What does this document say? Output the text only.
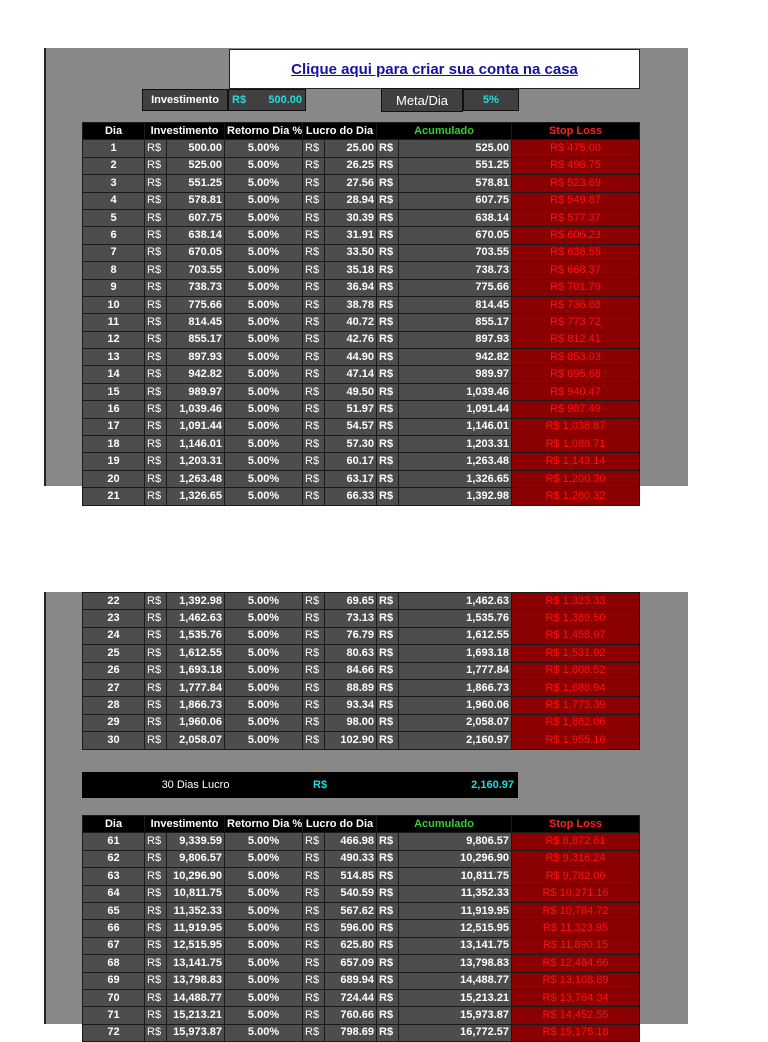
Clique aqui para criar sua conta na casa
Investimento R$ 500.00	Meta/Dia	5%
Dia	Investimento		Retorno Dia %	Lucro do Dia		Acumulado		Stop Loss
1	R$	500.00	5.00%	R$	25.00	R$	525.00	R$ 475.00
2	R$	525.00	5.00%	R$	26.25	R$	551.25	R$ 498.75
3	R$	551.25	5.00%	R$	27.56	R$	578.81	R$ 523.69
4	R$	578.81	5.00%	R$	28.94	R$	607.75	R$ 549.87
5	R$	607.75	5.00%	R$	30.39	R$	638.14	R$ 577.37
6	R$	638.14	5.00%	R$	31.91	R$	670.05	R$ 606.23
7	R$	670.05	5.00%	R$	33.50	R$	703.55	R$ 636.55
8	R$	703.55	5.00%	R$	35.18	R$	738.73	R$ 668.37
9	R$	738.73	5.00%	R$	36.94	R$	775.66	R$ 701.79
10	R$	775.66	5.00%	R$	38.78	R$	814.45	R$ 736.88
11	R$	814.45	5.00%	R$	40.72	R$	855.17	R$ 773.72
12	R$	855.17	5.00%	R$	42.76	R$	897.93	R$ 812.41
13	R$	897.93	5.00%	R$	44.90	R$	942.82	R$ 853.03
14	R$	942.82	5.00%	R$	47.14	R$	989.97	R$ 895.68
15	R$	989.97	5.00%	R$	49.50	R$	1,039.46	R$ 940.47
16	R$	1,039.46	5.00%	R$	51.97	R$	1,091.44	R$ 987.49
17	R$	1,091.44	5.00%	R$	54.57	R$	1,146.01	R$ 1,036.87
18	R$	1,146.01	5.00%	R$	57.30	R$	1,203.31	R$ 1,088.71
19	R$	1,203.31	5.00%	R$	60.17	R$	1,263.48	R$ 1,143.14
20	R$	1,263.48	5.00%	R$	63.17	R$	1,326.65	R$ 1,200.30
21	R$	1,326.65	5.00%	R$	66.33	R$	1,392.98	R$ 1,260.32
22	R$	1,392.98	5.00%	R$	69.65	R$	1,462.63	R$ 1,323.33
23	R$	1,462.63	5.00%	R$	73.13	R$	1,535.76	R$ 1,389.50
24	R$	1,535.76	5.00%	R$	76.79	R$	1,612.55	R$ 1,458.97
25	R$	1,612.55	5.00%	R$	80.63	R$	1,693.18	R$ 1,531.92
26	R$	1,693.18	5.00%	R$	84.66	R$	1,777.84	R$ 1,608.52
27	R$	1,777.84	5.00%	R$	88.89	R$	1,866.73	R$ 1,688.94
28	R$	1,866.73	5.00%	R$	93.34	R$	1,960.06	R$ 1,773.39
29	R$	1,960.06	5.00%	R$	98.00	R$	2,058.07	R$ 1,862.06
30	R$	2,058.07	5.00%	R$	102.90	R$	2,160.97	R$ 1,955.16
30 Dias Lucro	R$	2,160.97
Dia	Investimento		Retorno Dia %	Lucro do Dia		Acumulado		Stop Loss
61	R$	9,339.59	5.00%	R$	466.98	R$	9,806.57	R$ 8,872.61
62	R$	9,806.57	5.00%	R$	490.33	R$	10,296.90	R$ 9,316.24
63	R$	10,296.90	5.00%	R$	514.85	R$	10,811.75	R$ 9,782.06
64	R$	10,811.75	5.00%	R$	540.59	R$	11,352.33	R$ 10,271.16
65	R$	11,352.33	5.00%	R$	567.62	R$	11,919.95	R$ 10,784.72
66	R$	11,919.95	5.00%	R$	596.00	R$	12,515.95	R$ 11,323.95
67	R$	12,515.95	5.00%	R$	625.80	R$	13,141.75	R$ 11,890.15
68	R$	13,141.75	5.00%	R$	657.09	R$	13,798.83	R$ 12,484.66
69	R$	13,798.83	5.00%	R$	689.94	R$	14,488.77	R$ 13,108.89
70	R$	14,488.77	5.00%	R$	724.44	R$	15,213.21	R$ 13,764.34
71	R$	15,213.21	5.00%	R$	760.66	R$	15,973.87	R$ 14,452.55
72	R$	15,973.87	5.00%	R$	798.69	R$	16,772.57	R$ 15,175.18
